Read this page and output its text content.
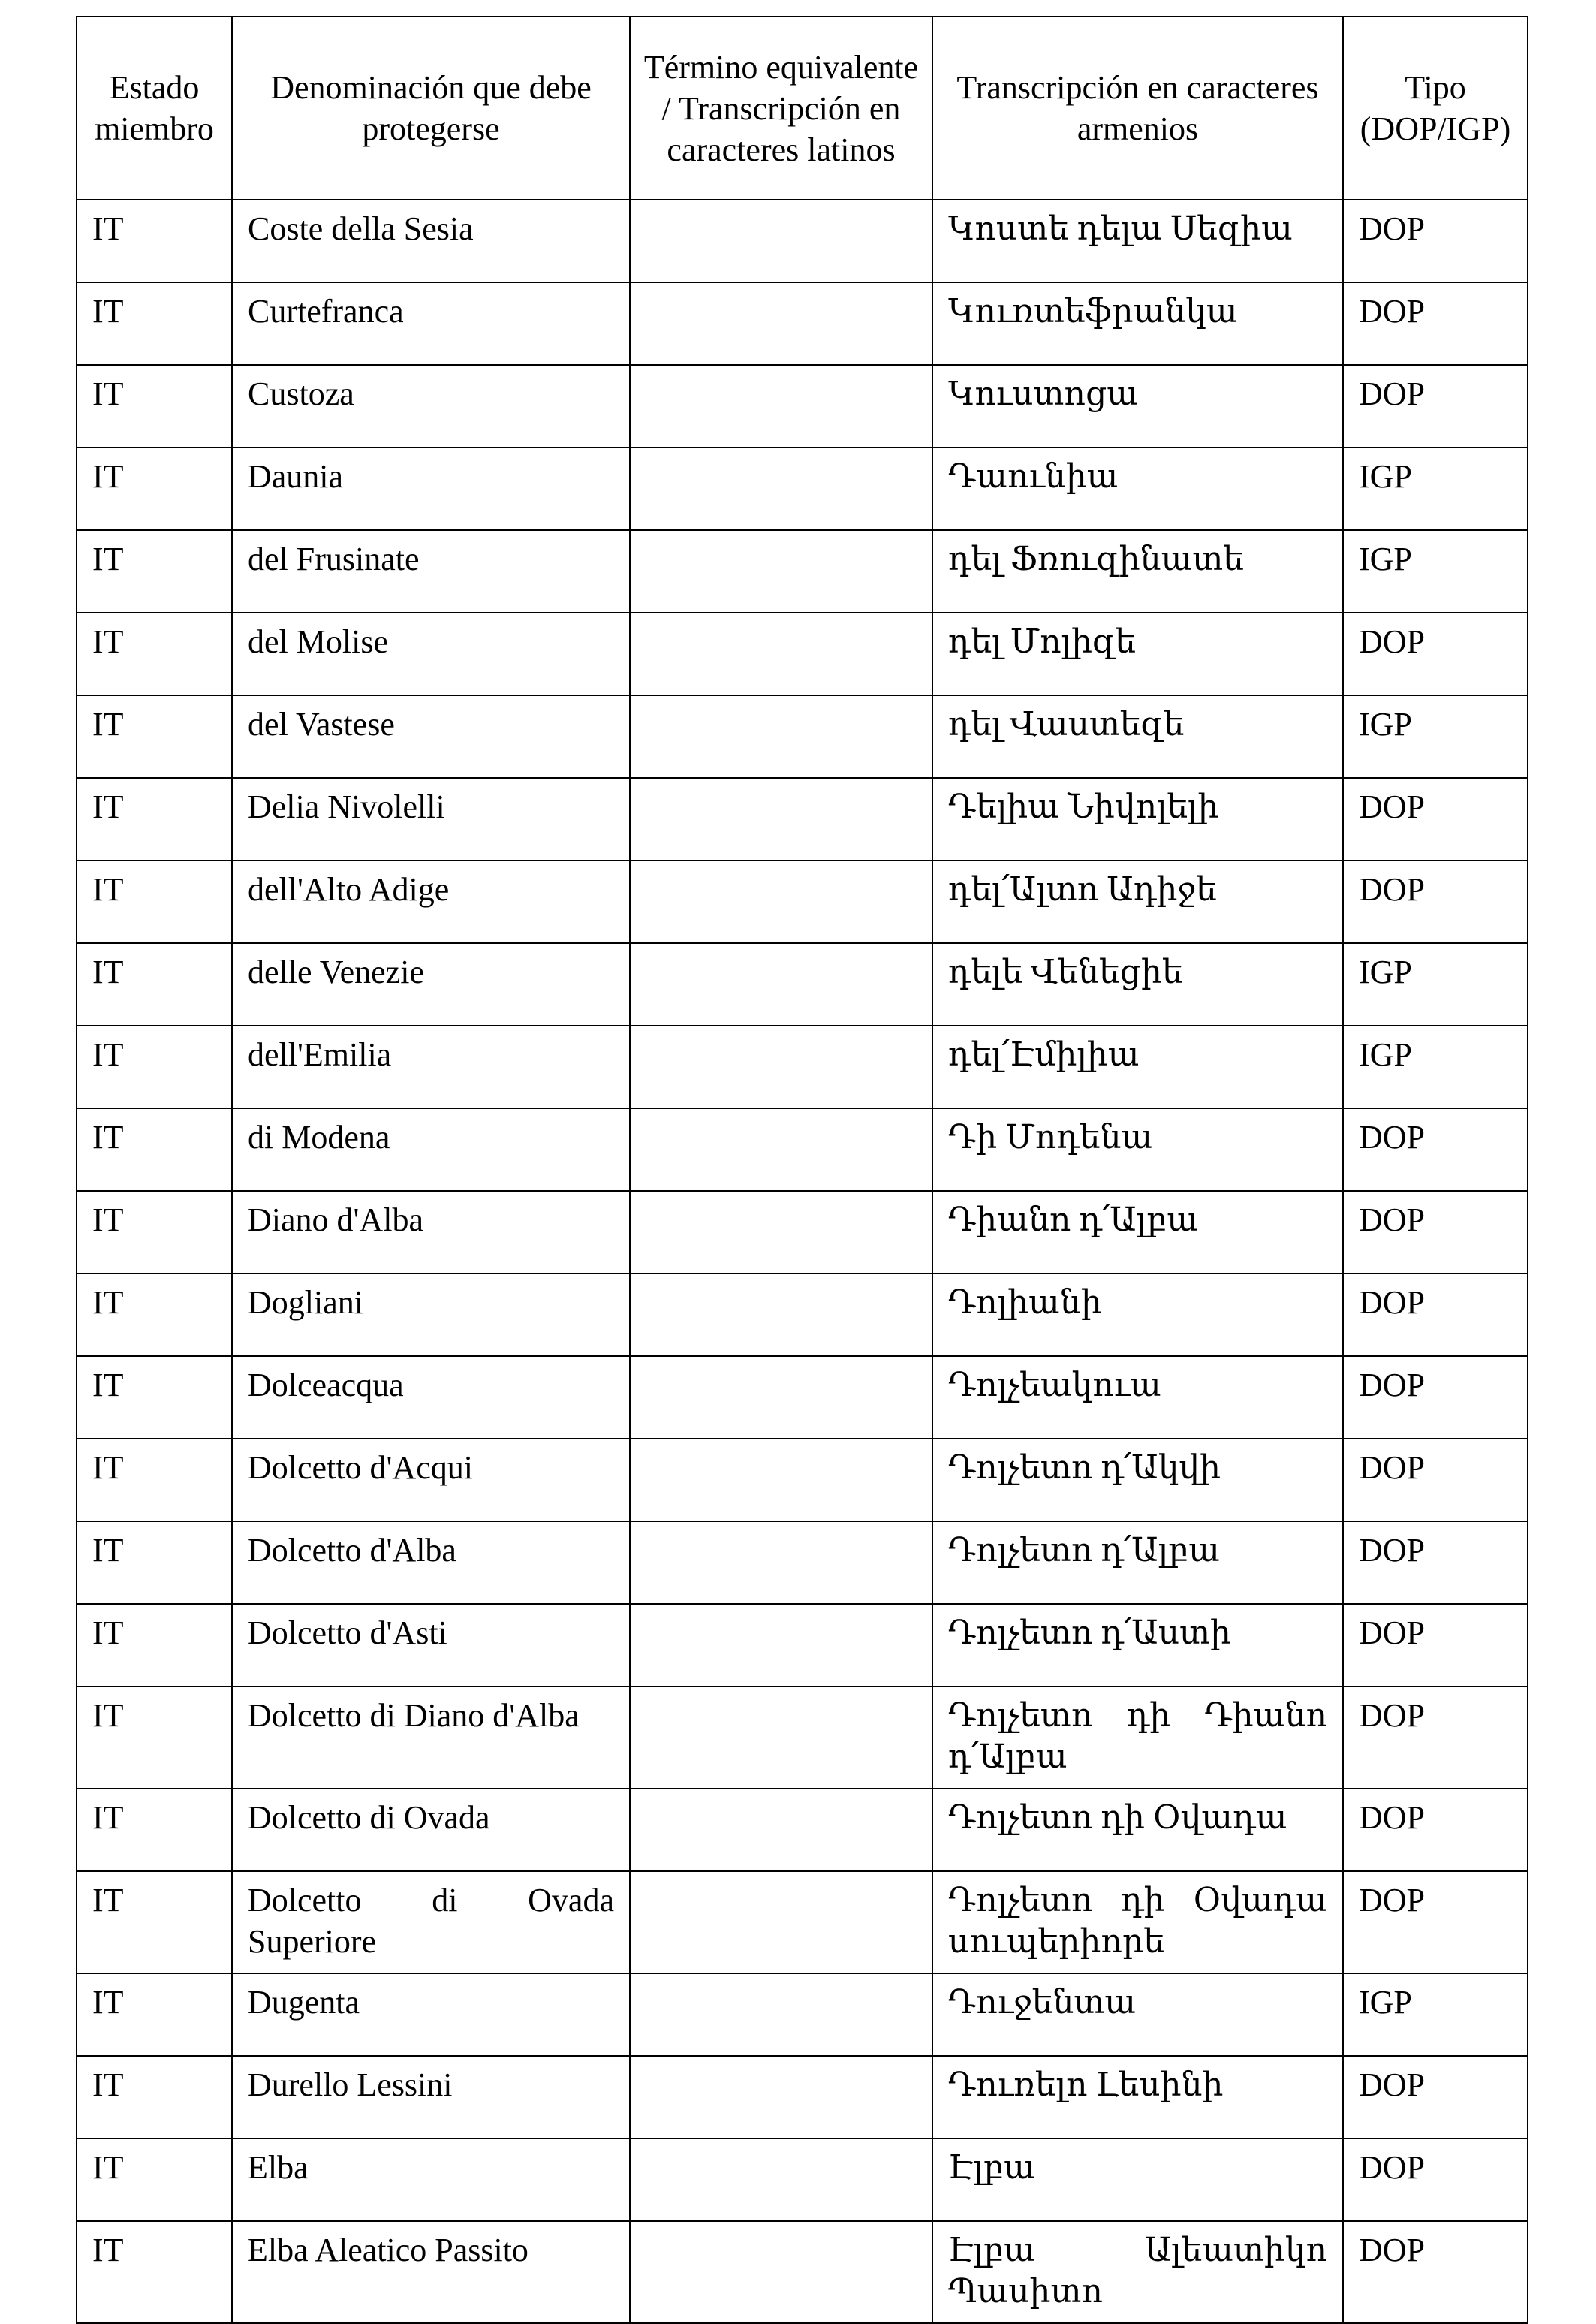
Estado miembro	Denominación que debe protegerse	Término equivalente / Transcripción en caracteres latinos	Transcripción en caracteres armenios	Tipo (DOP/IGP)
IT	Coste della Sesia		Կոստե դելա Սեզիա	DOP
IT	Curtefranca		Կուռտեֆրանկա	DOP
IT	Custoza		Կուստոցա	DOP
IT	Daunia		Դաունիա	IGP
IT	del Frusinate		դել Ֆռուզինատե	IGP
IT	del Molise		դել Մոլիզե	DOP
IT	del Vastese		դել Վաստեզե	IGP
IT	Delia Nivolelli		Դելիա Նիվոլելի	DOP
IT	dell'Alto Adige		դել՛Ալտո Ադիջե	DOP
IT	delle Venezie		դելե Վենեցիե	IGP
IT	dell'Emilia		դել՛Էմիլիա	IGP
IT	di Modena		Դի Մոդենա	DOP
IT	Diano d'Alba		Դիանո դ՛Ալբա	DOP
IT	Dogliani		Դոլիանի	DOP
IT	Dolceacqua		Դոլչեակուա	DOP
IT	Dolcetto d'Acqui		Դոլչետո դ՛Ակվի	DOP
IT	Dolcetto d'Alba		Դոլչետո դ՛Ալբա	DOP
IT	Dolcetto d'Asti		Դոլչետո դ՛Աստի	DOP
IT	Dolcetto di Diano d'Alba		Դոլչետո դի Դիանո դ՛Ալբա	DOP
IT	Dolcetto di Ovada		Դոլչետո դի Օվադա	DOP
IT	Dolcetto di Ovada Superiore		Դոլչետո դի Օվադա սուպերիորե	DOP
IT	Dugenta		Դուջենտա	IGP
IT	Durello Lessini		Դուռելո Լեսինի	DOP
IT	Elba		Էլբա	DOP
IT	Elba Aleatico Passito		Էլբա Ալեատիկո Պասիտո	DOP
